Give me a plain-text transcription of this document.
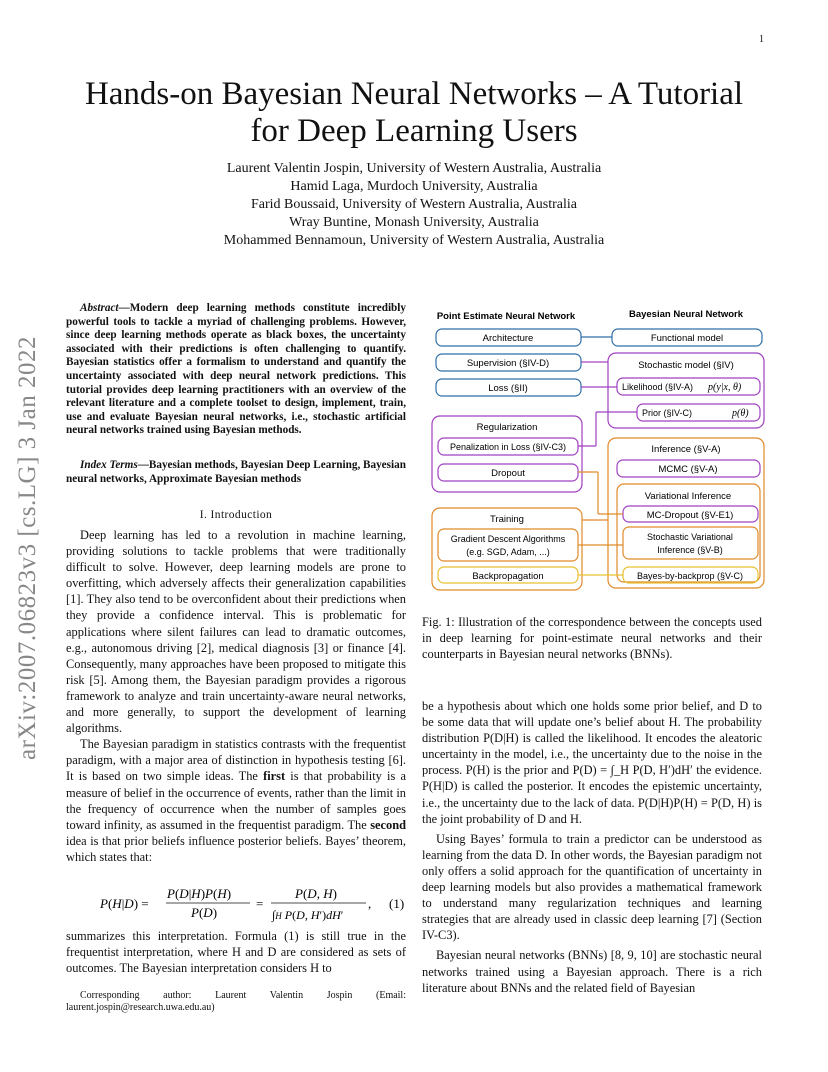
1
arXiv:2007.06823v3 [cs.LG] 3 Jan 2022
Hands-on Bayesian Neural Networks – A Tutorial
for Deep Learning Users
Laurent Valentin Jospin, University of Western Australia, Australia
Hamid Laga, Murdoch University, Australia
Farid Boussaid, University of Western Australia, Australia
Wray Buntine, Monash University, Australia
Mohammed Bennamoun, University of Western Australia, Australia

Abstract—Modern deep learning methods constitute incredibly powerful tools to tackle a myriad of challenging problems. However, since deep learning methods operate as black boxes, the uncertainty associated with their predictions is often challenging to quantify. Bayesian statistics offer a formalism to understand and quantify the uncertainty associated with deep neural network predictions. This tutorial provides deep learning practitioners with an overview of the relevant literature and a complete toolset to design, implement, train, use and evaluate Bayesian neural networks, i.e., stochastic artificial neural networks trained using Bayesian methods.

Index Terms—Bayesian methods, Bayesian Deep Learning, Bayesian neural networks, Approximate Bayesian methods

I. Introduction

Deep learning has led to a revolution in machine learning, providing solutions to tackle problems that were traditionally difficult to solve. However, deep learning models are prone to overfitting, which adversely affects their generalization capabilities [1]. They also tend to be overconfident about their predictions when they provide a confidence interval. This is problematic for applications where silent failures can lead to dramatic outcomes, e.g., autonomous driving [2], medical diagnosis [3] or finance [4]. Consequently, many approaches have been proposed to mitigate this risk [5]. Among them, the Bayesian paradigm provides a rigorous framework to analyze and train uncertainty-aware neural networks, and more generally, to support the development of learning algorithms.

The Bayesian paradigm in statistics contrasts with the frequentist paradigm, with a major area of distinction in hypothesis testing [6]. It is based on two simple ideas. The first is that probability is a measure of belief in the occurrence of events, rather than the limit in the frequency of occurrence when the number of samples goes toward infinity, as assumed in the frequentist paradigm. The second idea is that prior beliefs influence posterior beliefs. Bayes’ theorem, which states that:

P(H|D) =
P(D|H)P(H)
P(D)
=
P(D, H)
∫H P(D, H′)dH′
, (1)
summarizes this interpretation. Formula (1) is still true in the frequentist interpretation, where H and D are considered as sets of outcomes. The Bayesian interpretation considers H to

Corresponding author: Laurent Valentin Jospin (Email: laurent.jospin@research.uwa.edu.au)

Point Estimate Neural Network	Bayesian Neural Network
Architecture	Functional model
Supervision (§IV-D)
Loss (§II)
Stochastic model (§IV)
Likelihood (§IV-A) p(y|x, θ)
Prior (§IV-C)	p(θ)
Regularization
Penalization in Loss (§IV-C3)
Dropout
Inference (§V-A)
MCMC (§V-A)
Variational Inference
MC-Dropout (§V-E1)
Stochastic Variational
Inference (§V-B)
Bayes-by-backprop (§V-C)
Training
Gradient Descent Algorithms
(e.g. SGD, Adam, ...)
Backpropagation
Fig. 1: Illustration of the correspondence between the concepts used in deep learning for point-estimate neural networks and their counterparts in Bayesian neural networks (BNNs).

be a hypothesis about which one holds some prior belief, and D to be some data that will update one’s belief about H. The probability distribution P(D|H) is called the likelihood. It encodes the aleatoric uncertainty in the model, i.e., the uncertainty due to the noise in the process. P(H) is the prior and P(D) = ∫_H P(D, H′)dH′ the evidence. P(H|D) is called the posterior. It encodes the epistemic uncertainty, i.e., the uncertainty due to the lack of data. P(D|H)P(H) = P(D, H) is the joint probability of D and H.

Using Bayes’ formula to train a predictor can be understood as learning from the data D. In other words, the Bayesian paradigm not only offers a solid approach for the quantification of uncertainty in deep learning models but also provides a mathematical framework to understand many regularization techniques and learning strategies that are already used in classic deep learning [7] (Section IV-C3).

Bayesian neural networks (BNNs) [8, 9, 10] are stochastic neural networks trained using a Bayesian approach. There is a rich literature about BNNs and the related field of Bayesian
